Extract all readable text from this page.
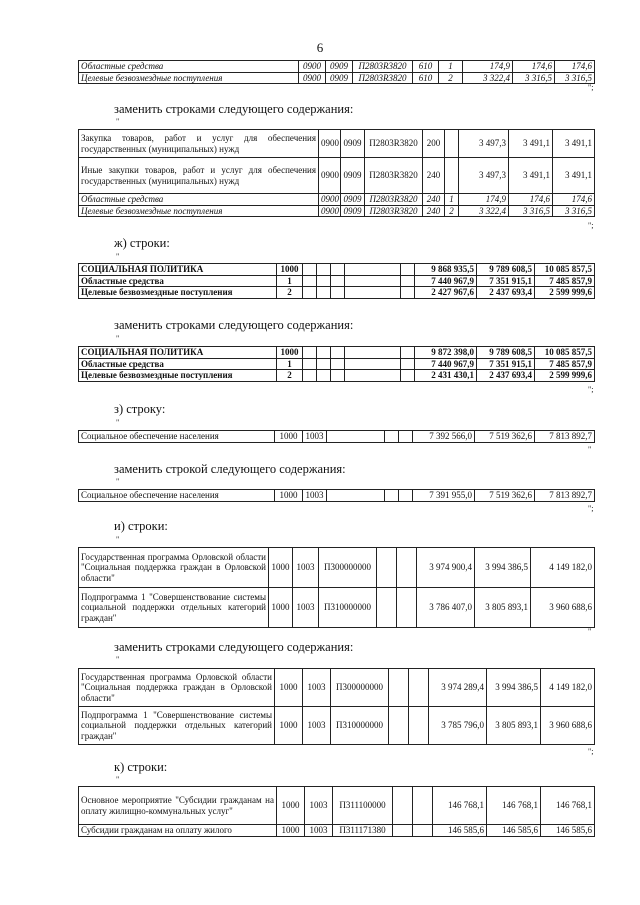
6
Областные средства	0900	0909	П2803R3820	610	1	174,9	174,6	174,6
Целевые безвозмездные поступления	0900	0909	П2803R3820	610	2	3 322,4	3 316,5	3 316,5
";
заменить строками следующего содержания:
"
Закупка товаров, работ и услуг для обеспечения государственных (муниципальных) нужд	0900	0909	П2803R3820	200		3 497,3	3 491,1	3 491,1
Иные закупки товаров, работ и услуг для обеспечения государственных (муниципальных) нужд	0900	0909	П2803R3820	240		3 497,3	3 491,1	3 491,1
Областные средства	0900	0909	П2803R3820	240	1	174,9	174,6	174,6
Целевые безвозмездные поступления	0900	0909	П2803R3820	240	2	3 322,4	3 316,5	3 316,5
";
ж) строки:
"
СОЦИАЛЬНАЯ ПОЛИТИКА	1000						9 868 935,5	9 789 608,5	10 085 857,5
Областные средства	1						7 440 967,9	7 351 915,1	7 485 857,9
Целевые безвозмездные поступления	2						2 427 967,6	2 437 693,4	2 599 999,6
заменить строками следующего содержания:
"
СОЦИАЛЬНАЯ ПОЛИТИКА	1000						9 872 398,0	9 789 608,5	10 085 857,5
Областные средства	1						7 440 967,9	7 351 915,1	7 485 857,9
Целевые безвозмездные поступления	2						2 431 430,1	2 437 693,4	2 599 999,6
";
з) строку:
"
Социальное обеспечение населения	1000	1003				7 392 566,0	7 519 362,6	7 813 892,7
"
заменить строкой следующего содержания:
"
Социальное обеспечение населения	1000	1003				7 391 955,0	7 519 362,6	7 813 892,7
";
и) строки:
"
Государственная программа Орловской области "Социальная поддержка граждан в Орловской области"	1000	1003	П300000000			3 974 900,4	3 994 386,5	4 149 182,0
Подпрограмма 1 "Совершенствование системы социальной поддержки отдельных категорий граждан"	1000	1003	П310000000			3 786 407,0	3 805 893,1	3 960 688,6
"
заменить строками следующего содержания:
"
Государственная программа Орловской области "Социальная поддержка граждан в Орловской области"	1000	1003	П300000000			3 974 289,4	3 994 386,5	4 149 182,0
Подпрограмма 1 "Совершенствование системы социальной поддержки отдельных категорий граждан"	1000	1003	П310000000			3 785 796,0	3 805 893,1	3 960 688,6
";
к) строки:
"
Основное мероприятие "Субсидии гражданам на оплату жилищно-коммунальных услуг"	1000	1003	П311100000			146 768,1	146 768,1	146 768,1
Субсидии гражданам на оплату жилого	1000	1003	П311171380			146 585,6	146 585,6	146 585,6
